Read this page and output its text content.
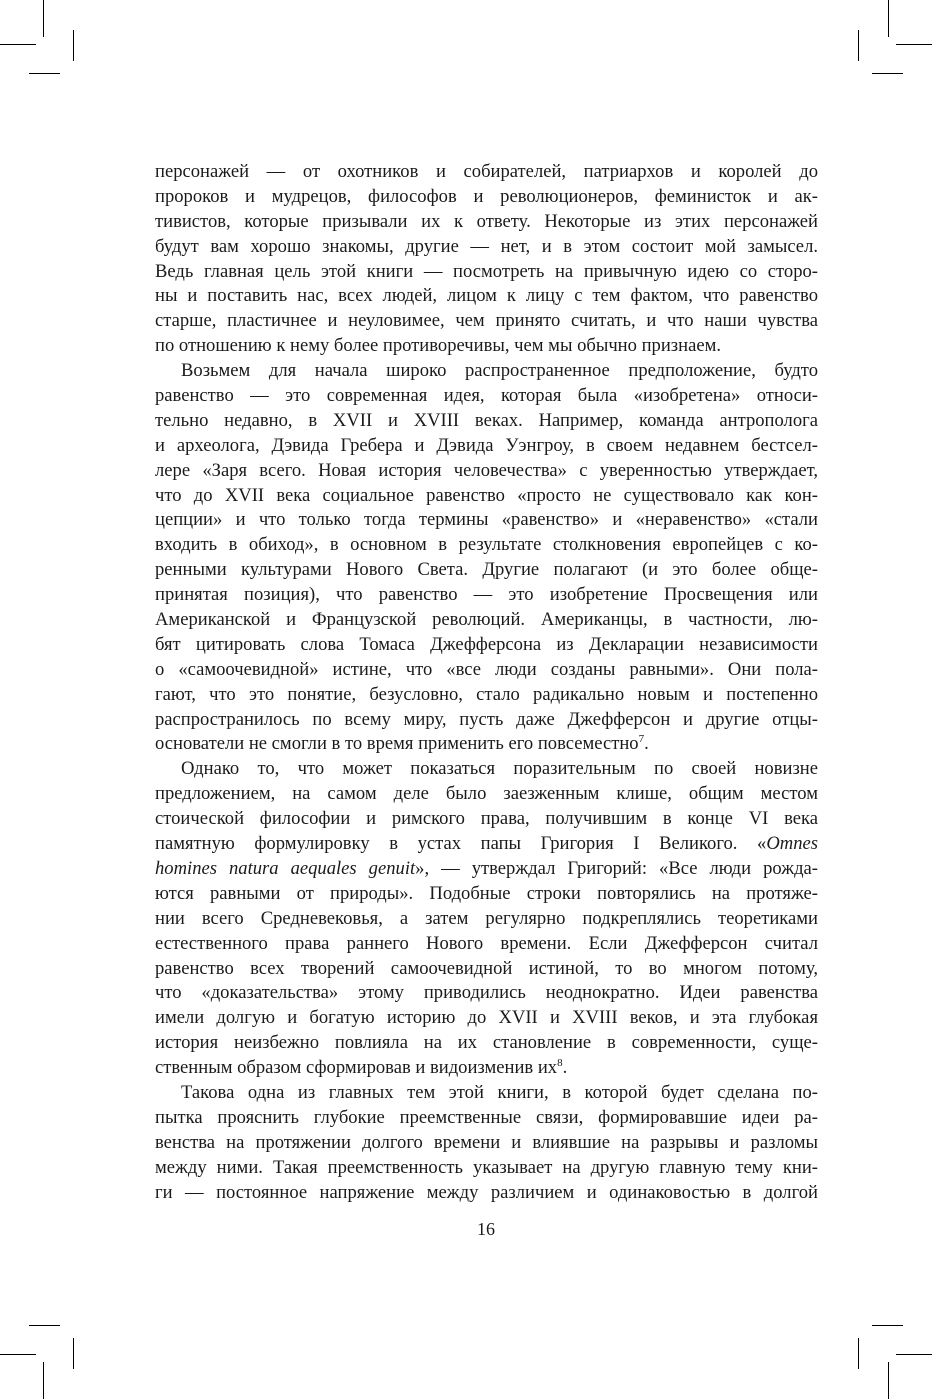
персонажей — от охотников и собирателей, патриархов и королей до
пророков и мудрецов, философов и революционеров, феминисток и ак-
тивистов, которые призывали их к ответу. Некоторые из этих персонажей
будут вам хорошо знакомы, другие — нет, и в этом состоит мой замысел.
Ведь главная цель этой книги — посмотреть на привычную идею со сторо-
ны и поставить нас, всех людей, лицом к лицу с тем фактом, что равенство
старше, пластичнее и неуловимее, чем принято считать, и что наши чувства
по отношению к нему более противоречивы, чем мы обычно признаем.
Возьмем для начала широко распространенное предположение, будто
равенство — это современная идея, которая была «изобретена» относи-
тельно недавно, в XVII и XVIII веках. Например, команда антрополога
и археолога, Дэвида Гребера и Дэвида Уэнгроу, в своем недавнем бестсел-
лере «Заря всего. Новая история человечества» с уверенностью утверждает,
что до XVII века социальное равенство «просто не существовало как кон-
цепции» и что только тогда термины «равенство» и «неравенство» «стали
входить в обиход», в основном в результате столкновения европейцев с ко-
ренными культурами Нового Света. Другие полагают (и это более обще-
принятая позиция), что равенство — это изобретение Просвещения или
Американской и Французской революций. Американцы, в частности, лю-
бят цитировать слова Томаса Джефферсона из Декларации независимости
о «самоочевидной» истине, что «все люди созданы равными». Они пола-
гают, что это понятие, безусловно, стало радикально новым и постепенно
распространилось по всему миру, пусть даже Джефферсон и другие отцы-
основатели не смогли в то время применить его повсеместно$^7$.
Однако то, что может показаться поразительным по своей новизне
предложением, на самом деле было заезженным клише, общим местом
стоической философии и римского права, получившим в конце VI века
памятную формулировку в устах папы Григория I Великого. «Omnes
homines natura aequales genuit», — утверждал Григорий: «Все люди рожда-
ются равными от природы». Подобные строки повторялись на протяже-
нии всего Средневековья, а затем регулярно подкреплялись теоретиками
естественного права раннего Нового времени. Если Джефферсон считал
равенство всех творений самоочевидной истиной, то во многом потому,
что «доказательства» этому приводились неоднократно. Идеи равенства
имели долгую и богатую историю до XVII и XVIII веков, и эта глубокая
история неизбежно повлияла на их становление в современности, суще-
ственным образом сформировав и видоизменив $их^8$.
Такова одна из главных тем этой книги, в которой будет сделана по-
пытка прояснить глубокие преемственные связи, формировавшие идеи ра-
венства на протяжении долгого времени и влиявшие на разрывы и разломы
между ними. Такая преемственность указывает на другую главную тему кни-
ги — постоянное напряжение между различием и одинаковостью в долгой
16
